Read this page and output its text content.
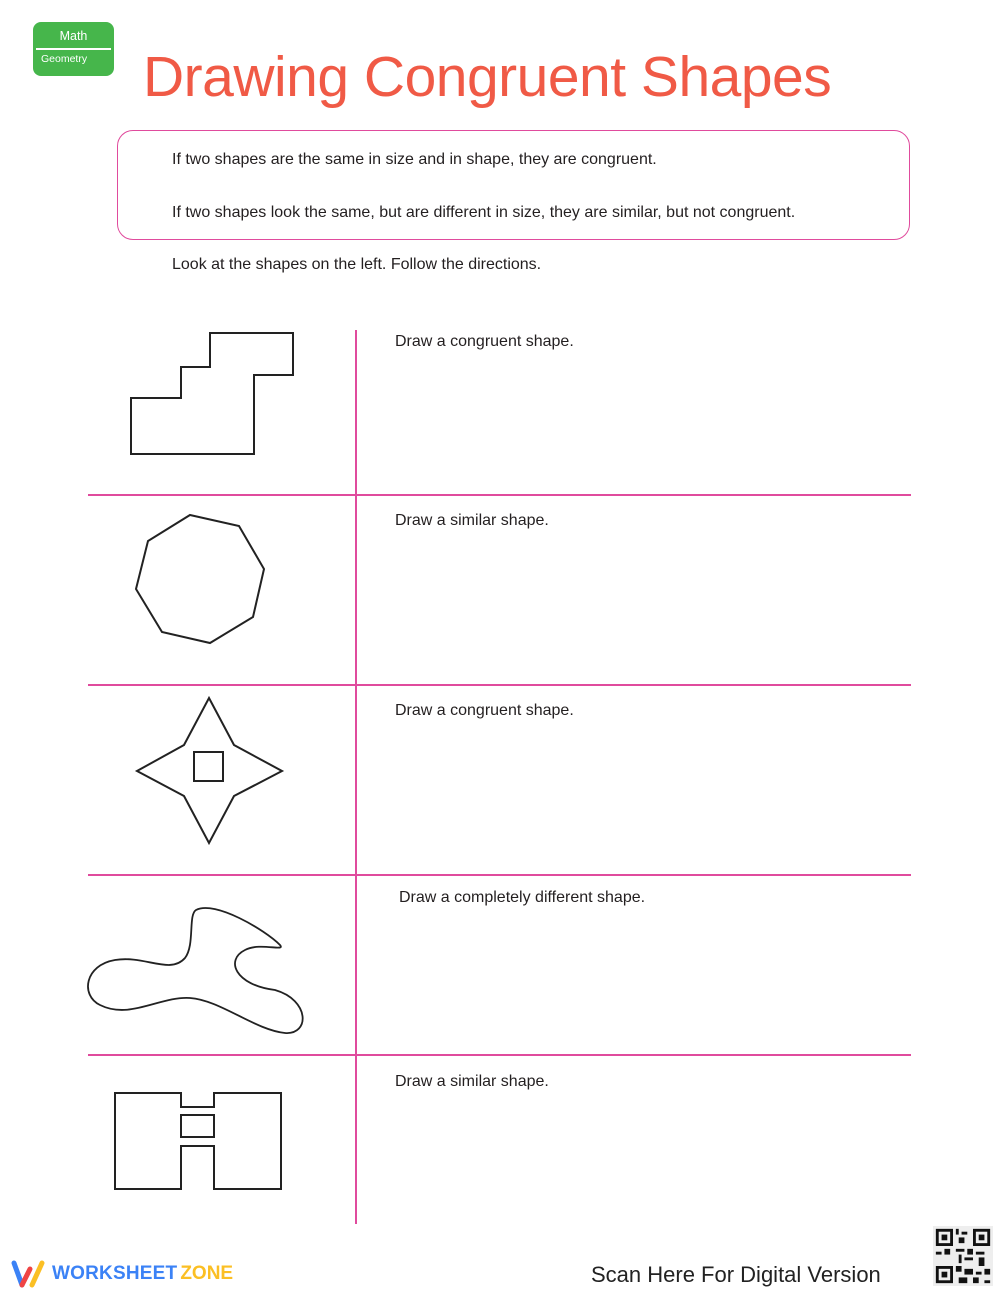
Math
Geometry Drawing Congruent Shapes
If two shapes are the same in size and in shape, they are congruent.
If two shapes look the same, but are different in size, they are similar, but not congruent.
Look at the shapes on the left. Follow the directions.
Draw a congruent shape.
Draw a similar shape.
Draw a congruent shape.
Draw a completely different shape.
Draw a similar shape.
WORKSHEET ZONE	Scan Here For Digital Version
